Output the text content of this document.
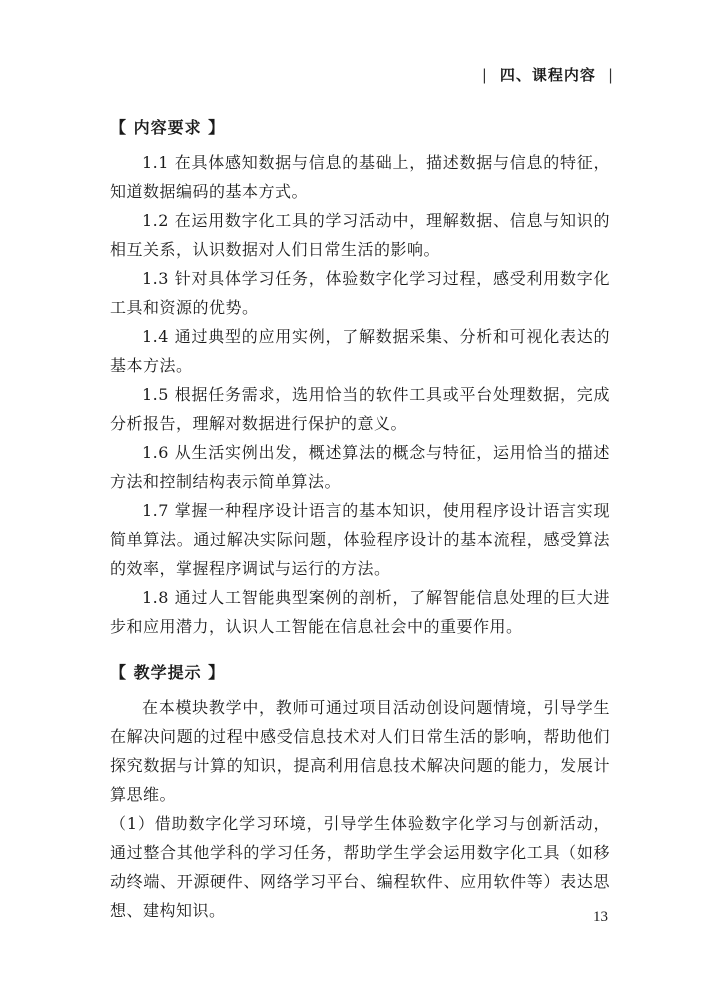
| 四、课程内容 |

【 内容要求 】

1.1 在具体感知数据与信息的基础上，描述数据与信息的特征，知道数据编码的基本方式。

1.2 在运用数字化工具的学习活动中，理解数据、信息与知识的相互关系，认识数据对人们日常生活的影响。

1.3 针对具体学习任务，体验数字化学习过程，感受利用数字化工具和资源的优势。

1.4 通过典型的应用实例，了解数据采集、分析和可视化表达的基本方法。

1.5 根据任务需求，选用恰当的软件工具或平台处理数据，完成分析报告，理解对数据进行保护的意义。

1.6 从生活实例出发，概述算法的概念与特征，运用恰当的描述方法和控制结构表示简单算法。

1.7 掌握一种程序设计语言的基本知识，使用程序设计语言实现简单算法。通过解决实际问题，体验程序设计的基本流程，感受算法的效率，掌握程序调试与运行的方法。

1.8 通过人工智能典型案例的剖析，了解智能信息处理的巨大进步和应用潜力，认识人工智能在信息社会中的重要作用。

【 教学提示 】

在本模块教学中，教师可通过项目活动创设问题情境，引导学生在解决问题的过程中感受信息技术对人们日常生活的影响，帮助他们探究数据与计算的知识，提高利用信息技术解决问题的能力，发展计算思维。

（1）借助数字化学习环境，引导学生体验数字化学习与创新活动，通过整合其他学科的学习任务，帮助学生学会运用数字化工具（如移动终端、开源硬件、网络学习平台、编程软件、应用软件等）表达思想、建构知识。	13
